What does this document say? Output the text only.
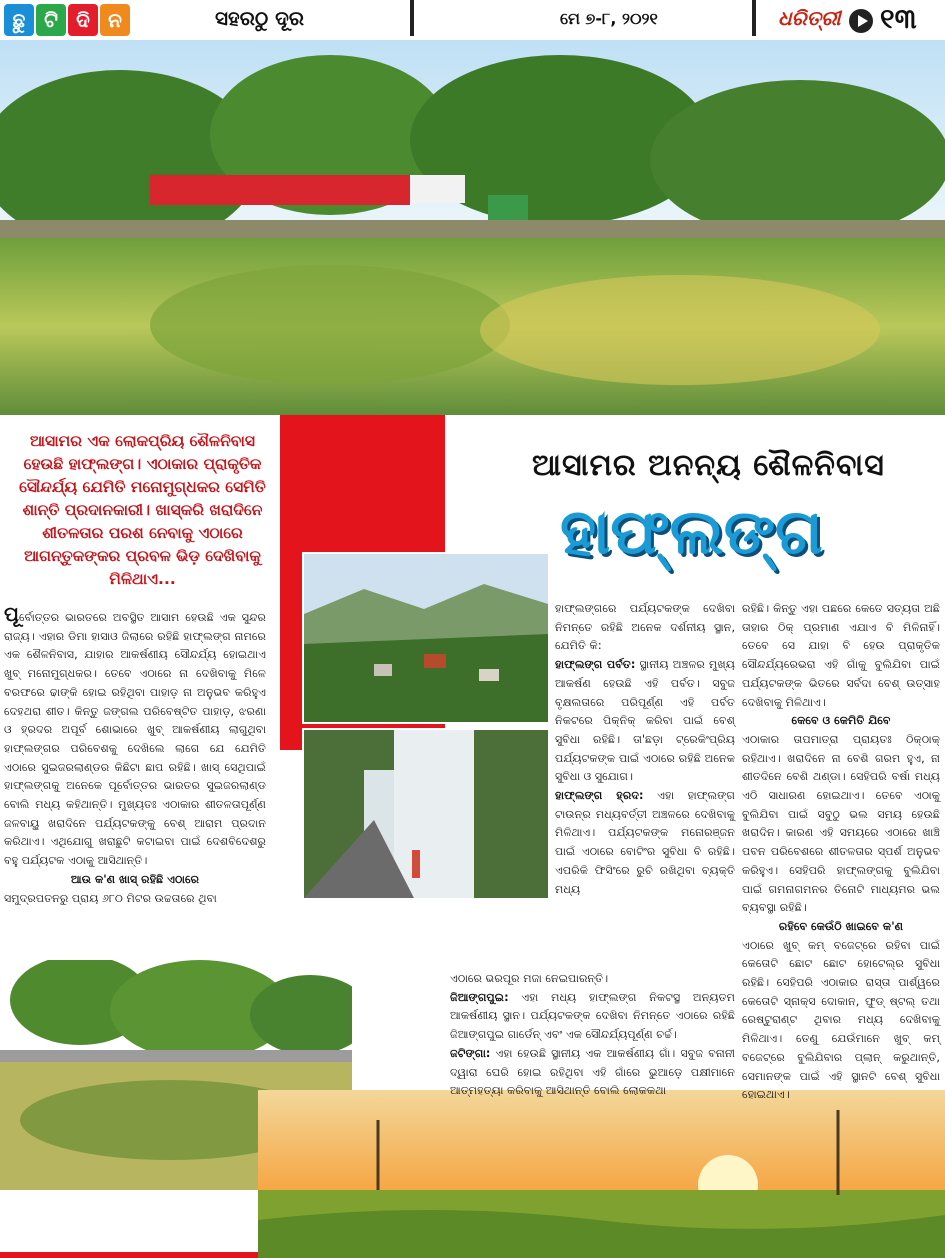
ଛୁ ଟି ଦି ନ	ସହରଠୁ ଦୂର	ମେ ୭-୮, ୨୦୨୧	ଧରିତ୍ରୀ ୧୩
ଆସାମର ଏକ ଲୋକପ୍ରିୟ ଶୈଳନିବାସ ହେଉଛି ହାଫ୍‌ଲଙ୍ଗ। ଏଠାକାର ପ୍ରାକୃତିକ ସୌନ୍ଦର୍ଯ୍ୟ ଯେମିତି ମନୋମୁଗ୍ଧକର ସେମିତି ଶାନ୍ତି ପ୍ରଦାନକାରୀ। ଖାସ୍‌କରି ଖରାଦିନେ ଶୀତଳତାର ପରଶ ନେବାକୁ ଏଠାରେ ଆଗନ୍ତୁକଙ୍କର ପ୍ରବଳ ଭିଡ଼ ଦେଖିବାକୁ ମିଳିଥାଏ...
ଆସାମର ଅନନ୍ୟ ଶୈଳନିବାସ
ହାଫ୍‌ଲଙ୍ଗ
ପୂର୍ବୋତ୍ତର ଭାରତରେ ଅବସ୍ଥିତ ଆସାମ ହେଉଛି ଏକ ସୁନ୍ଦର ରାଜ୍ୟ। ଏହାର ଡିମା ହାସାଓ ଜିଲାରେ ରହିଛି ହାଫ୍‌ଲଙ୍ଗ ନାମରେ ଏକ ଶୈଳନିବାସ, ଯାହାର ଆକର୍ଷଣୀୟ ସୌନ୍ଦର୍ଯ୍ୟ ହୋଇଥାଏ ଖୁବ୍ ମନୋମୁଗ୍ଧକର। ତେବେ ଏଠାରେ ନା ଦେଖିବାକୁ ମିଳେ ବରଫରେ ଢାଙ୍କି ହୋଇ ରହିଥିବା ପାହାଡ଼ ନା ଅନୁଭବ କରିହୁଏ ଦେହଥରା ଶୀତ। କିନ୍ତୁ ଜଙ୍ଗଲ ପରିବେଷ୍ଟିତ ପାହାଡ଼, ଝରଣା ଓ ହ୍ରଦର ଅପୂର୍ବ ଶୋଭାରେ ଖୁବ୍ ଆକର୍ଷଣୀୟ ଲାଗୁଥିବା ହାଫ୍‌ଲଙ୍ଗର ପରିବେଶକୁ ଦେଖିଲେ ଲାଗେ ଯେ ଯେମିତି ଏଠାରେ ସୁଇଜରଲାଣ୍ଡର କିଛିଟା ଛାପ ରହିଛି। ଖାସ୍ ସେଥିପାଇଁ ହାଫ୍‌ଲଙ୍ଗକୁ ଅନେକେ ପୂର୍ବୋତ୍ତର ଭାରତର ସୁଇଜରଲାଣ୍ଡ ବୋଲି ମଧ୍ୟ କହିଥାନ୍ତି। ମୁଖ୍ୟତଃ ଏଠାକାର ଶୀତଳତାପୂର୍ଣ୍ଣ ଜଳବାୟୁ ଖରାଦିନେ ପର୍ଯ୍ୟଟକଙ୍କୁ ବେଶ୍ ଆରାମ ପ୍ରଦାନ କରିଥାଏ। ଏଥିଯୋଗୁ ଖରାଛୁଟି କଟାଇବା ପାଇଁ ଦେଶବିଦେଶରୁ ବହୁ ପର୍ଯ୍ୟଟକ ଏଠାକୁ ଆସିଥାନ୍ତି।
ଆଉ କ'ଣ ଖାସ୍ ରହିଛି ଏଠାରେ
ସମୁଦ୍ରପତନରୁ ପ୍ରାୟ ୬୮୦ ମିଟର ଉଚ୍ଚତାରେ ଥିବା
ହାଫ୍‌ଲଙ୍ଗରେ ପର୍ଯ୍ୟଟକଙ୍କ ଦେଖିବା ନିମନ୍ତେ ରହିଛି ଅନେକ ଦର୍ଶନୀୟ ସ୍ଥାନ, ଯେମିତି କି:
ହାଫ୍‌ଲଙ୍ଗ ପର୍ବତ: ସ୍ଥାନୀୟ ଅଞ୍ଚଳର ମୁଖ୍ୟ ଆକର୍ଷଣ ହେଉଛି ଏହି ପର୍ବତ। ସବୁଜ ବୃକ୍ଷଲତାରେ ପରିପୂର୍ଣ୍ଣ ଏହି ପର୍ବତ ନିକଟରେ ପିକ୍‌ନିକ୍ କରିବା ପାଇଁ ବେଶ୍ ସୁବିଧା ରହିଛି। ତା'ଛଡ଼ା ଟ୍ରେକିଂପ୍ରିୟ ପର୍ଯ୍ୟଟକଙ୍କ ପାଇଁ ଏଠାରେ ରହିଛି ଅନେକ ସୁବିଧା ଓ ସୁଯୋଗ।
ହାଫ୍‌ଲଙ୍ଗ ହ୍ରଦ: ଏହା ହାଫ୍‌ଲଙ୍ଗ ଟାଉନ୍‌ର ମଧ୍ୟବର୍ତ୍ତୀ ଅଞ୍ଚଳରେ ଦେଖିବାକୁ ମିଳିଥାଏ। ପର୍ଯ୍ୟଟକଙ୍କ ମନୋରଞ୍ଜନ ପାଇଁ ଏଠାରେ ବୋଟିଂର ସୁବିଧା ବି ରହିଛି। ଏପରିକି ଫିସିଂରେ ରୁଚି ରଖିଥିବା ବ୍ୟକ୍ତି ମଧ୍ୟ
ଏଠାରେ ଭରପୂର ମଜା ନେଇପାରନ୍ତି।
ଜିଆଙ୍ଗପୁଇ: ଏହା ମଧ୍ୟ ହାଫ୍‌ଲଙ୍ଗ ନିକଟସ୍ଥ ଅନ୍ୟତମ ଆକର୍ଷଣୀୟ ସ୍ଥାନ। ପର୍ଯ୍ୟଟକଙ୍କ ଦେଖିବା ନିମନ୍ତେ ଏଠାରେ ରହିଛି ଜିଆଙ୍ଗପୁଇ ଗାର୍ଡେନ୍ ଏବଂ ଏକ ସୌନ୍ଦର୍ଯ୍ୟପୂର୍ଣ୍ଣ ଚର୍ଚ୍ଚ।
ଜଟିଙ୍ଗା: ଏହା ହେଉଛି ସ୍ଥାନୀୟ ଏକ ଆକର୍ଷଣୀୟ ଗାଁ। ସବୁଜ ବନାନୀ ଦ୍ୱାରା ଘେରି ହୋଇ ରହିଥିବା ଏହି ଗାଁରେ ଭୁଆଡ଼େ ପକ୍ଷୀମାନେ ଆତ୍ମହତ୍ୟା କରିବାକୁ ଆସିଥାନ୍ତି ବୋଲି ଲୋକକଥା
ରହିଛି। କିନ୍ତୁ ଏହା ପଛରେ କେତେ ସତ୍ୟତା ଅଛି ତାହାର ଠିକ୍ ପ୍ରମାଣ ଏଯାଏ ବି ମିଳିନାହିଁ। ତେବେ ସେ ଯାହା ବି ହେଉ ପ୍ରାକୃତିକ ସୌନ୍ଦର୍ଯ୍ୟରେଭରା ଏହି ଗାଁକୁ ବୁଲିଯିବା ପାଇଁ ପର୍ଯ୍ୟଟକଙ୍କ ଭିତରେ ସର୍ବଦା ବେଶ୍ ଉତ୍ସାହ ଦେଖିବାକୁ ମିଳିଥାଏ।
କେବେ ଓ କେମିତି ଯିବେ
ଏଠାକାର ତାପମାତ୍ରା ପ୍ରାୟତଃ ଠିକ୍‌ଠାକ୍ ରହିଥାଏ। ଖରାଦିନେ ନା ବେଶି ଗରମ ହୁଏ, ନା ଶୀତଦିନେ ବେଶି ଥଣ୍ଡା। ସେହିପରି ବର୍ଷା ମଧ୍ୟ ଏଠି ସାଧାରଣ ହୋଇଥାଏ। ତେବେ ଏଠାକୁ ବୁଲିଯିବା ପାଇଁ ସବୁଠୁ ଭଲ ସମୟ ହେଉଛି ଖରାଦିନ। କାରଣ ଏହି ସମୟରେ ଏଠାରେ ଖାଞ୍ଚି ପବନ ପରିବେଶରେ ଶୀତଳତାର ସ୍ପର୍ଶ ଅନୁଭବ କରିହୁଏ। ସେହିପରି ହାଫ୍‌ଲଙ୍ଗକୁ ବୁଲିଯିବା ପାଇଁ ଗମନାଗମନର ତିନୋଟି ମାଧ୍ୟମର ଭଲ ବ୍ୟବସ୍ଥା ରହିଛି।
ରହିବେ କେଉଁଠି ଖାଇବେ କ'ଣ
ଏଠାରେ ଖୁବ୍ କମ୍ ବଜେଟ୍‌ରେ ରହିବା ପାଇଁ କେତୋଟି ଛୋଟ ଛୋଟ ହୋଟେଲ୍‌ର ସୁବିଧା ରହିଛି। ସେହିପରି ଏଠାକାର ରାସ୍ତା ପାର୍ଶ୍ୱରେ କେତୋଟି ସ୍ନାକ୍ସ ଦୋକାନ, ଫୁଡ୍ ଷ୍ଟଲ୍ ତଥା ରେଷ୍ଟୁରାଣ୍ଟ ଥିବାର ମଧ୍ୟ ଦେଖିବାକୁ ମିଳିଥାଏ। ତେଣୁ ଯେଉଁମାନେ ଖୁବ୍ କମ୍ ବଜେଟ୍‌ରେ ବୁଲିଯିବାର ପ୍ଲାନ୍ କରୁଥାନ୍ତି, ସେମାନଙ୍କ ପାଇଁ ଏହି ସ୍ଥାନଟି ବେଶ୍ ସୁବିଧା ହୋଇଥାଏ।
